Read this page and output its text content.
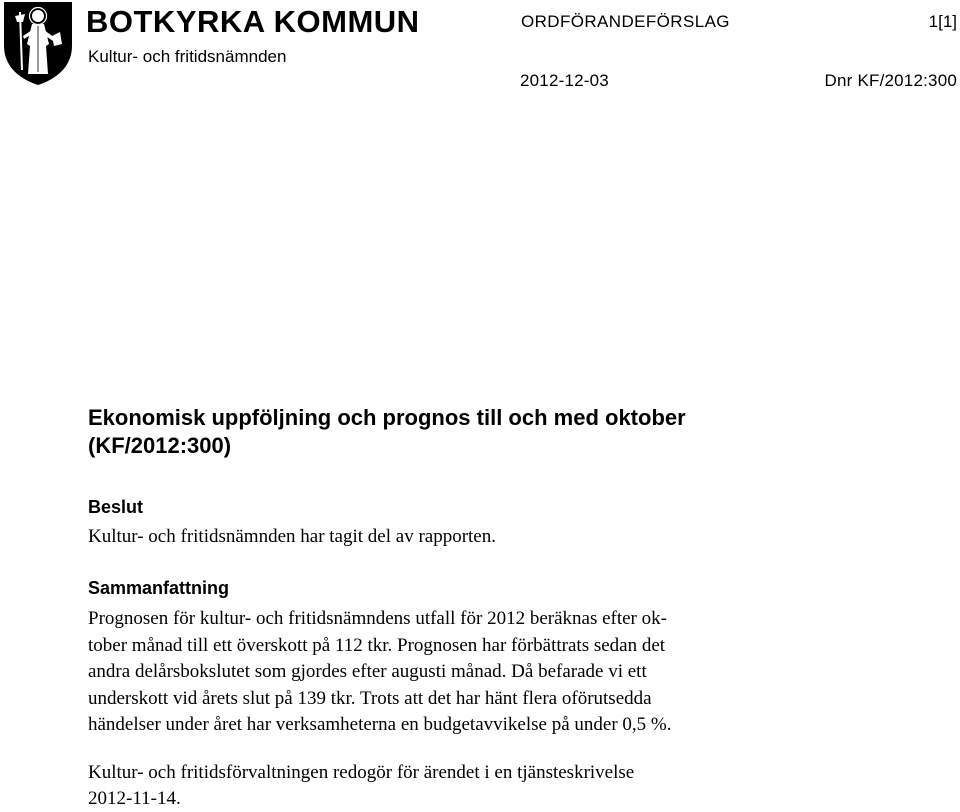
BOTKYRKA KOMMUN
Kultur- och fritidsnämnden
ORDFÖRANDEFÖRSLAG	1[1]
2012-12-03	Dnr KF/2012:300
Ekonomisk uppföljning och prognos till och med oktober
(KF/2012:300)
Beslut
Kultur- och fritidsnämnden har tagit del av rapporten.
Sammanfattning
Prognosen för kultur- och fritidsnämndens utfall för 2012 beräknas efter ok-
tober månad till ett överskott på 112 tkr. Prognosen har förbättrats sedan det
andra delårsbokslutet som gjordes efter augusti månad. Då befarade vi ett
underskott vid årets slut på 139 tkr. Trots att det har hänt flera oförutsedda
händelser under året har verksamheterna en budgetavvikelse på under 0,5 %.
Kultur- och fritidsförvaltningen redogör för ärendet i en tjänsteskrivelse
2012-11-14.
